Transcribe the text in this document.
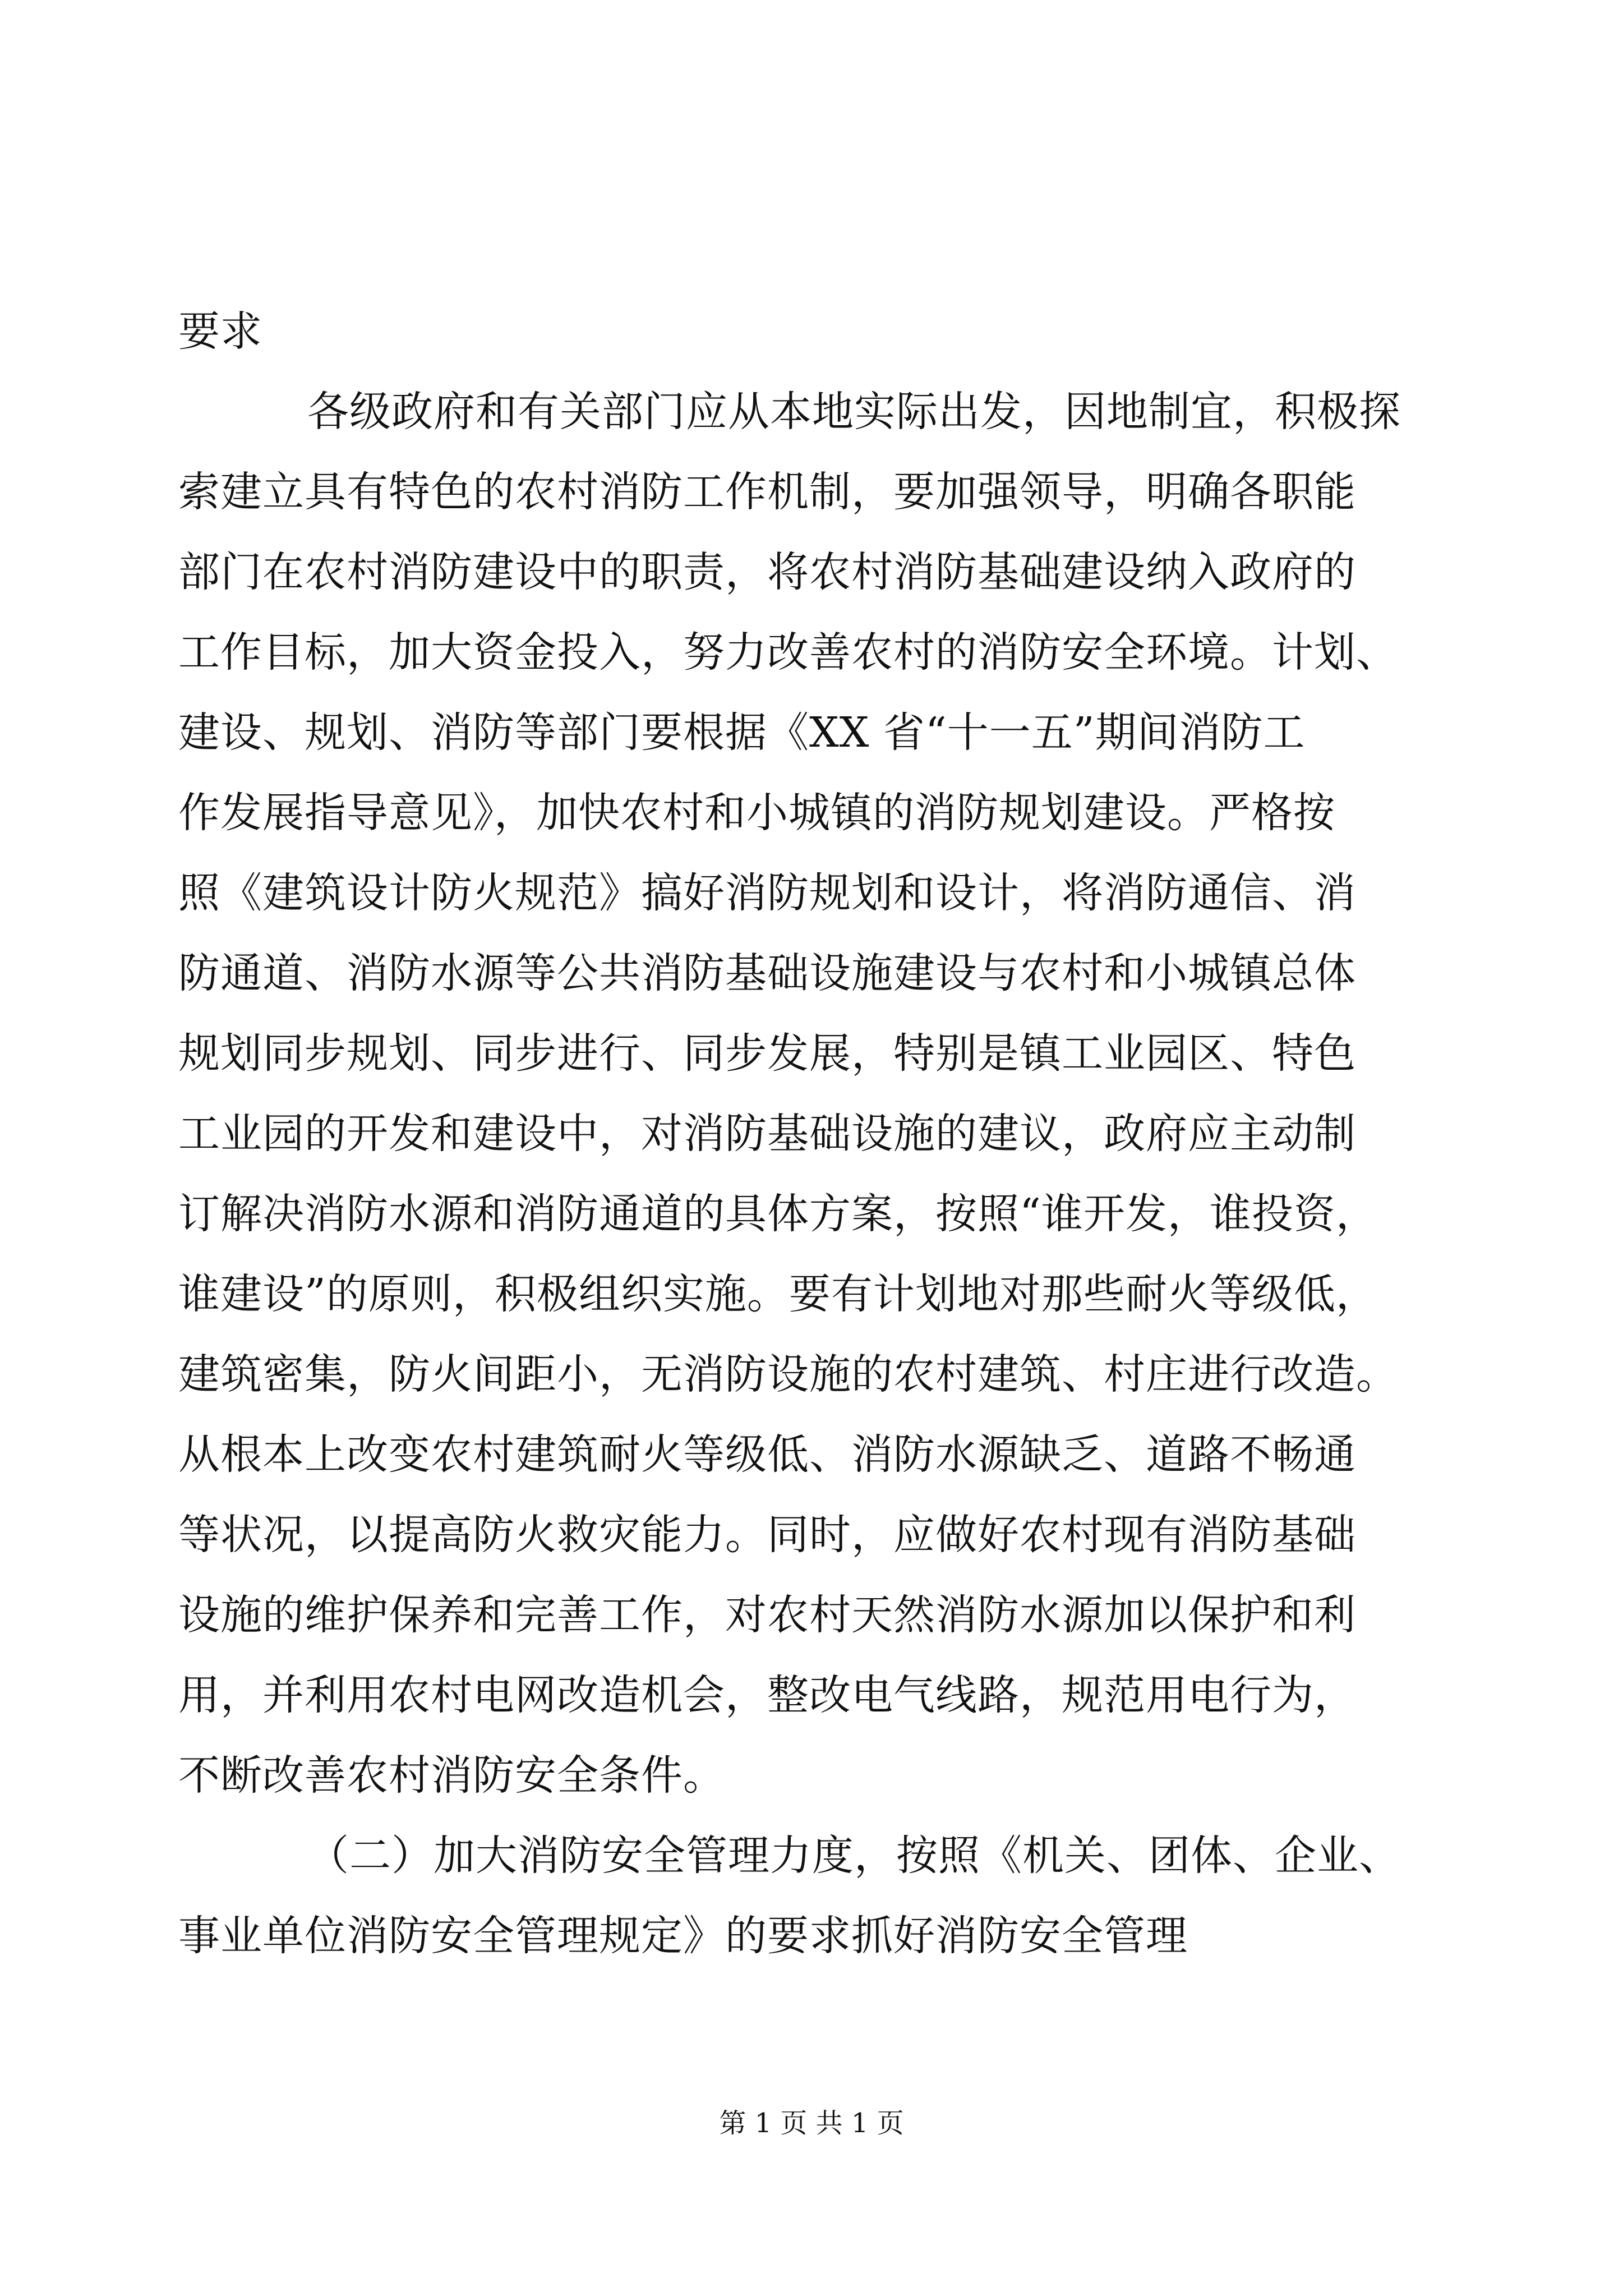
要求
各级政府和有关部门应从本地实际出发，因地制宜，积极探
索建立具有特色的农村消防工作机制，要加强领导，明确各职能
部门在农村消防建设中的职责，将农村消防基础建设纳入政府的
工作目标，加大资金投入，努力改善农村的消防安全环境。计划、
建设、规划、消防等部门要根据《XX 省“十一五”期间消防工
作发展指导意见》，加快农村和小城镇的消防规划建设。严格按
照《建筑设计防火规范》搞好消防规划和设计，将消防通信、消
防通道、消防水源等公共消防基础设施建设与农村和小城镇总体
规划同步规划、同步进行、同步发展，特别是镇工业园区、特色
工业园的开发和建设中，对消防基础设施的建议，政府应主动制
订解决消防水源和消防通道的具体方案，按照“谁开发，谁投资，
谁建设”的原则，积极组织实施。要有计划地对那些耐火等级低，
建筑密集，防火间距小，无消防设施的农村建筑、村庄进行改造。
从根本上改变农村建筑耐火等级低、消防水源缺乏、道路不畅通
等状况，以提高防火救灾能力。同时，应做好农村现有消防基础
设施的维护保养和完善工作，对农村天然消防水源加以保护和利
用，并利用农村电网改造机会，整改电气线路，规范用电行为，
不断改善农村消防安全条件。
（二）加大消防安全管理力度，按照《机关、团体、企业、
事业单位消防安全管理规定》的要求抓好消防安全管理
第 1 页 共 1 页
